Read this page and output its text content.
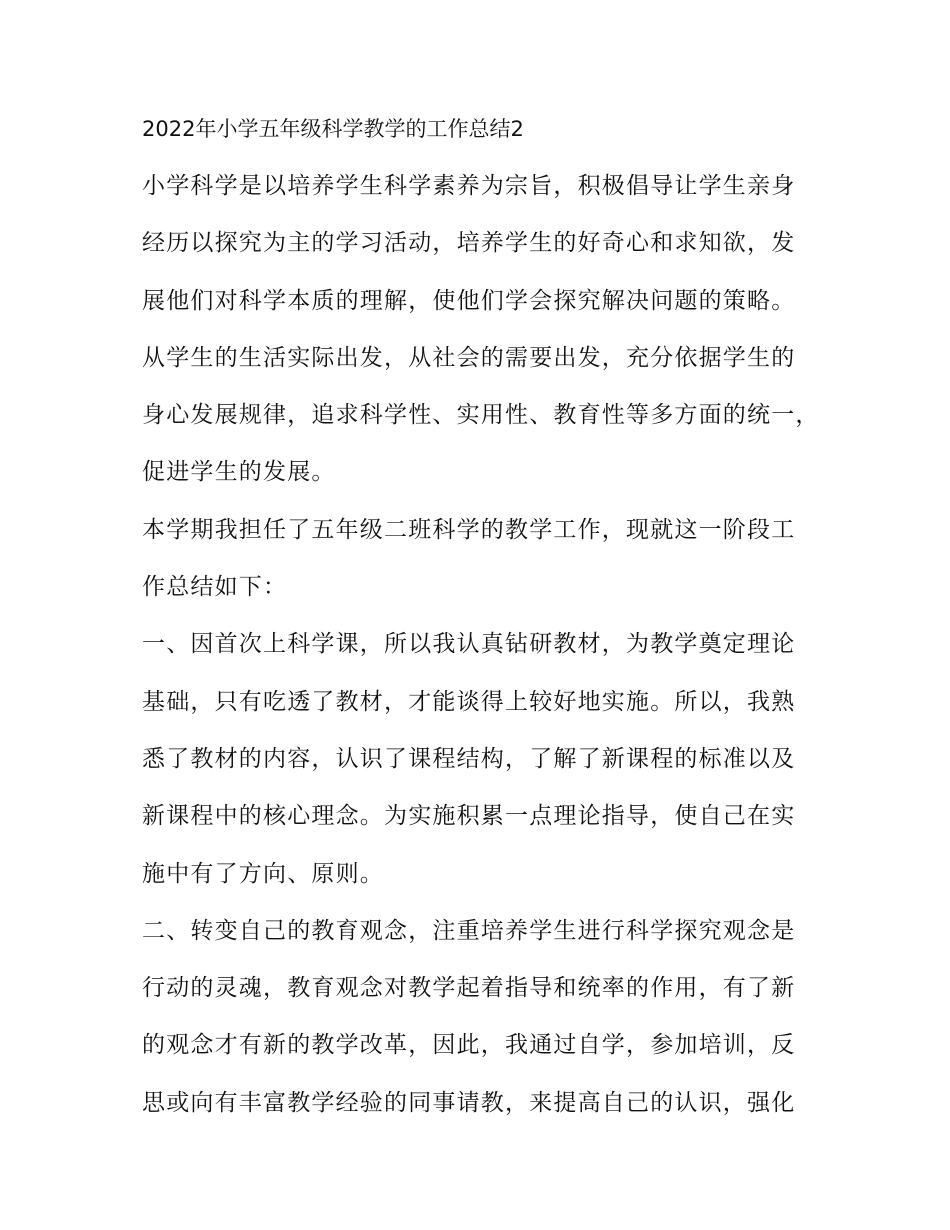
2022年小学五年级科学教学的工作总结2
小学科学是以培养学生科学素养为宗旨，积极倡导让学生亲身
经历以探究为主的学习活动，培养学生的好奇心和求知欲，发
展他们对科学本质的理解，使他们学会探究解决问题的策略。
从学生的生活实际出发，从社会的需要出发，充分依据学生的
身心发展规律，追求科学性、实用性、教育性等多方面的统一，
促进学生的发展。
本学期我担任了五年级二班科学的教学工作，现就这一阶段工
作总结如下：
一、因首次上科学课，所以我认真钻研教材，为教学奠定理论
基础，只有吃透了教材，才能谈得上较好地实施。所以，我熟
悉了教材的内容，认识了课程结构，了解了新课程的标准以及
新课程中的核心理念。为实施积累一点理论指导，使自己在实
施中有了方向、原则。
二、转变自己的教育观念，注重培养学生进行科学探究观念是
行动的灵魂，教育观念对教学起着指导和统率的作用，有了新
的观念才有新的教学改革，因此，我通过自学，参加培训，反
思或向有丰富教学经验的同事请教，来提高自己的认识，强化
